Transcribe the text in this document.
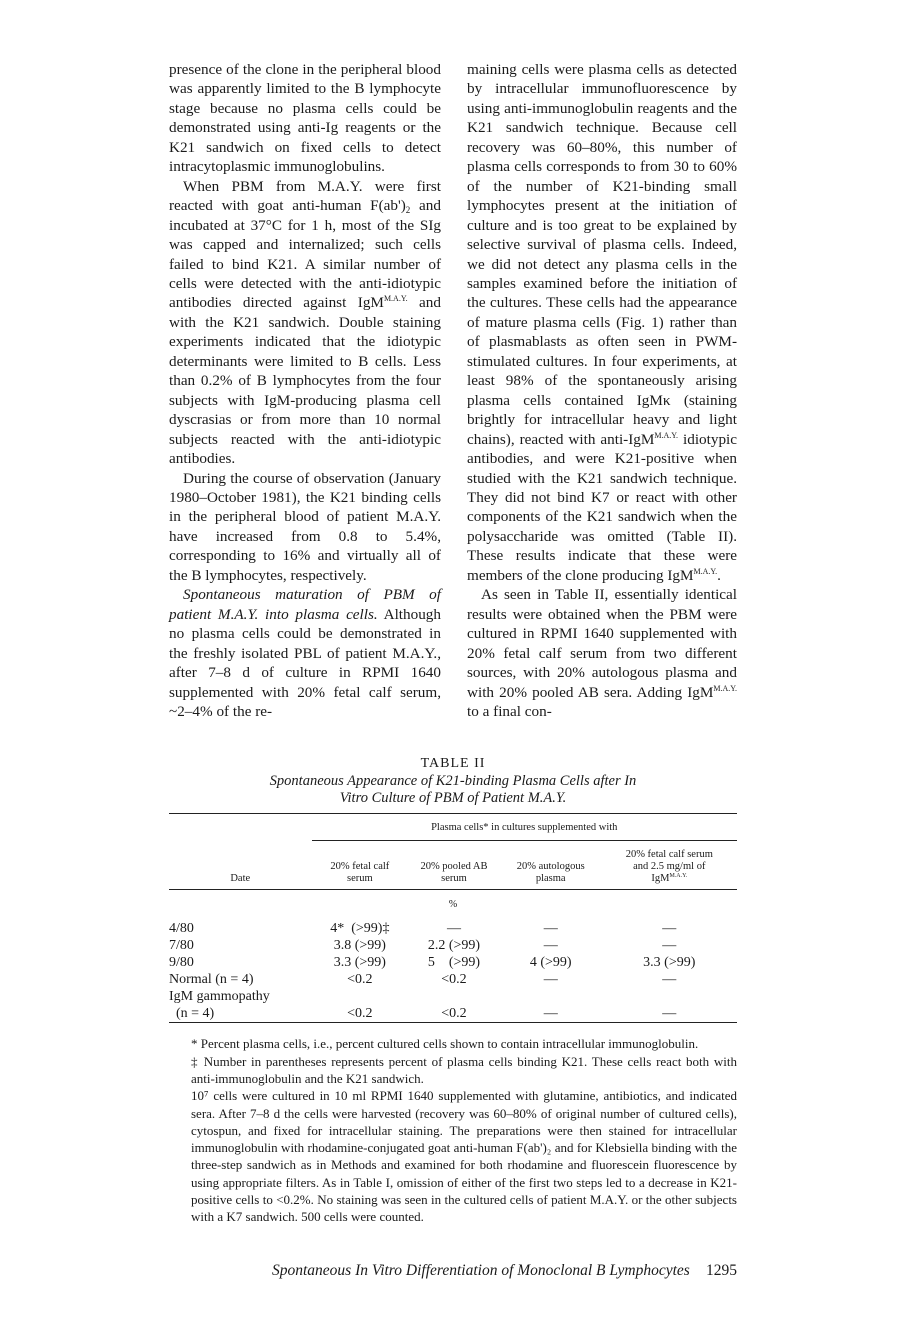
presence of the clone in the peripheral blood was apparently limited to the B lymphocyte stage because no plasma cells could be demonstrated using anti-Ig reagents or the K21 sandwich on fixed cells to detect intracytoplasmic immunoglobulins.

When PBM from M.A.Y. were first reacted with goat anti-human $F(ab')_2$ and incubated at 37°C for 1 h, most of the SIg was capped and internalized; such cells failed to bind K21. A similar number of cells were detected with the anti-idiotypic antibodies directed against IgM$^{M.A.Y.}$ and with the K21 sandwich. Double staining experiments indicated that the idiotypic determinants were limited to B cells. Less than 0.2% of B lymphocytes from the four subjects with IgM-producing plasma cell dyscrasias or from more than 10 normal subjects reacted with the anti-idiotypic antibodies.

During the course of observation (January 1980–October 1981), the K21 binding cells in the peripheral blood of patient M.A.Y. have increased from 0.8 to 5.4%, corresponding to 16% and virtually all of the B lymphocytes, respectively.

Spontaneous maturation of PBM of patient M.A.Y. into plasma cells. Although no plasma cells could be demonstrated in the freshly isolated PBL of patient M.A.Y., after 7–8 d of culture in RPMI 1640 supplemented with 20% fetal calf serum, ~2–4% of the re-

maining cells were plasma cells as detected by intracellular immunofluorescence by using anti-immunoglobulin reagents and the K21 sandwich technique. Because cell recovery was 60–80%, this number of plasma cells corresponds to from 30 to 60% of the number of K21-binding small lymphocytes present at the initiation of culture and is too great to be explained by selective survival of plasma cells. Indeed, we did not detect any plasma cells in the samples examined before the initiation of the cultures. These cells had the appearance of mature plasma cells (Fig. 1) rather than of plasmablasts as often seen in PWM-stimulated cultures. In four experiments, at least 98% of the spontaneously arising plasma cells contained IgMκ (staining brightly for intracellular heavy and light chains), reacted with anti-IgM$^{M.A.Y.}$ idiotypic antibodies, and were K21-positive when studied with the K21 sandwich technique. They did not bind K7 or react with other components of the K21 sandwich when the polysaccharide was omitted (Table II). These results indicate that these were members of the clone producing IgM$^{M.A.Y.}$.

As seen in Table II, essentially identical results were obtained when the PBM were cultured in RPMI 1640 supplemented with 20% fetal calf serum from two different sources, with 20% autologous plasma and with 20% pooled AB sera. Adding IgM$^{M.A.Y.}$ to a final con-

TABLE II
Spontaneous Appearance of K21-binding Plasma Cells after In Vitro Culture of PBM of Patient M.A.Y.
	Plasma cells* in cultures supplemented with			
Date	20% fetal calf serum	20% pooled AB serum	20% autologous plasma	20% fetal calf serum and 2.5 mg/ml of IgM$^{M.A.Y.}$

%				
4/80	4*  (>99)‡	—	—	—
7/80	3.8 (>99)	2.2 (>99)	—	—
9/80	3.3 (>99)	5    (>99)	4 (>99)	3.3 (>99)
Normal (n = 4)	<0.2	<0.2	—	—
IgM gammopathy				
(n = 4)	<0.2	<0.2	—	—

* Percent plasma cells, i.e., percent cultured cells shown to contain intracellular immunoglobulin.

‡ Number in parentheses represents percent of plasma cells binding K21. These cells react both with anti-immunoglobulin and the K21 sandwich.

10⁷ cells were cultured in 10 ml RPMI 1640 supplemented with glutamine, antibiotics, and indicated sera. After 7–8 d the cells were harvested (recovery was 60–80% of original number of cultured cells), cytospun, and fixed for intracellular staining. The preparations were then stained for intracellular immunoglobulin with rhodamine-conjugated goat anti-human F(ab')₂ and for Klebsiella binding with the three-step sandwich as in Methods and examined for both rhodamine and fluorescein fluorescence by using appropriate filters. As in Table I, omission of either of the first two steps led to a decrease in K21-positive cells to <0.2%. No staining was seen in the cultured cells of patient M.A.Y. or the other subjects with a K7 sandwich. 500 cells were counted.

Spontaneous In Vitro Differentiation of Monoclonal B Lymphocytes 1295
